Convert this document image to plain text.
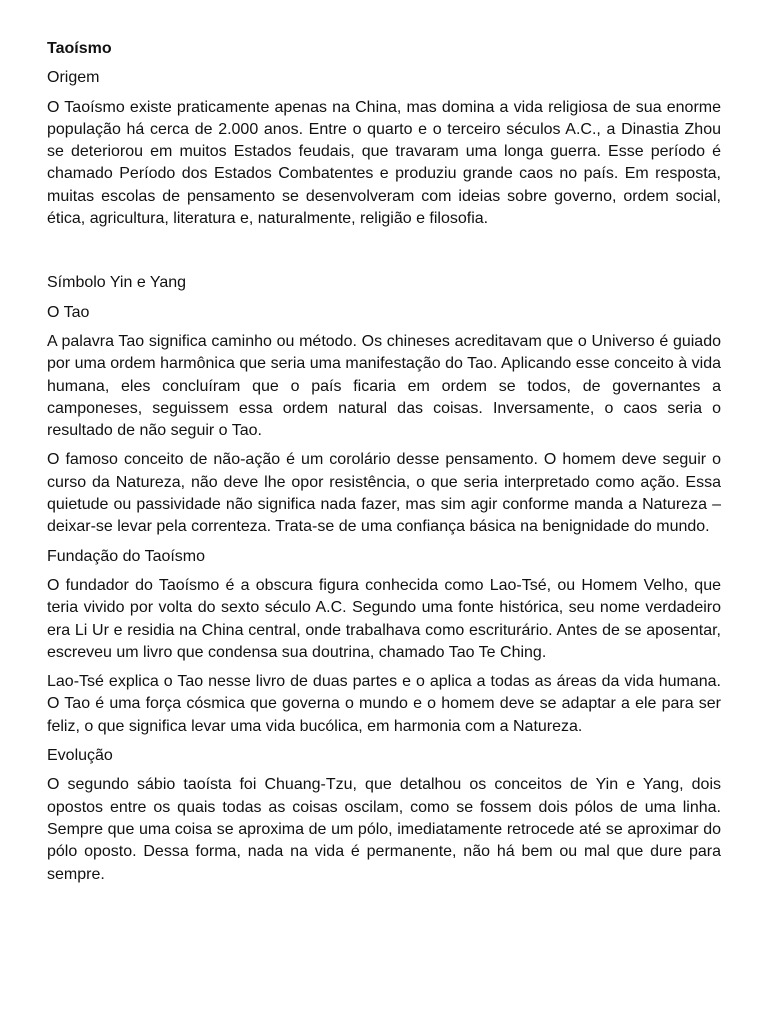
Taoísmo
Origem
O Taoísmo existe praticamente apenas na China, mas domina a vida religiosa de sua enorme população há cerca de 2.000 anos. Entre o quarto e o terceiro séculos A.C., a Dinastia Zhou se deteriorou em muitos Estados feudais, que travaram uma longa guerra. Esse período é chamado Período dos Estados Combatentes e produziu grande caos no país. Em resposta, muitas escolas de pensamento se desenvolveram com ideias sobre governo, ordem social, ética, agricultura, literatura e, naturalmente, religião e filosofia.
Símbolo Yin e Yang
O Tao
A palavra Tao significa caminho ou método. Os chineses acreditavam que o Universo é guiado por uma ordem harmônica que seria uma manifestação do Tao. Aplicando esse conceito à vida humana, eles concluíram que o país ficaria em ordem se todos, de governantes a camponeses, seguissem essa ordem natural das coisas. Inversamente, o caos seria o resultado de não seguir o Tao.
O famoso conceito de não-ação é um corolário desse pensamento. O homem deve seguir o curso da Natureza, não deve lhe opor resistência, o que seria interpretado como ação. Essa quietude ou passividade não significa nada fazer, mas sim agir conforme manda a Natureza – deixar-se levar pela correnteza. Trata-se de uma confiança básica na benignidade do mundo.
Fundação do Taoísmo
O fundador do Taoísmo é a obscura figura conhecida como Lao-Tsé, ou Homem Velho, que teria vivido por volta do sexto século A.C. Segundo uma fonte histórica, seu nome verdadeiro era Li Ur e residia na China central, onde trabalhava como escriturário. Antes de se aposentar, escreveu um livro que condensa sua doutrina, chamado Tao Te Ching.
Lao-Tsé explica o Tao nesse livro de duas partes e o aplica a todas as áreas da vida humana. O Tao é uma força cósmica que governa o mundo e o homem deve se adaptar a ele para ser feliz, o que significa levar uma vida bucólica, em harmonia com a Natureza.
Evolução
O segundo sábio taoísta foi Chuang-Tzu, que detalhou os conceitos de Yin e Yang, dois opostos entre os quais todas as coisas oscilam, como se fossem dois pólos de uma linha. Sempre que uma coisa se aproxima de um pólo, imediatamente retrocede até se aproximar do pólo oposto. Dessa forma, nada na vida é permanente, não há bem ou mal que dure para sempre.
